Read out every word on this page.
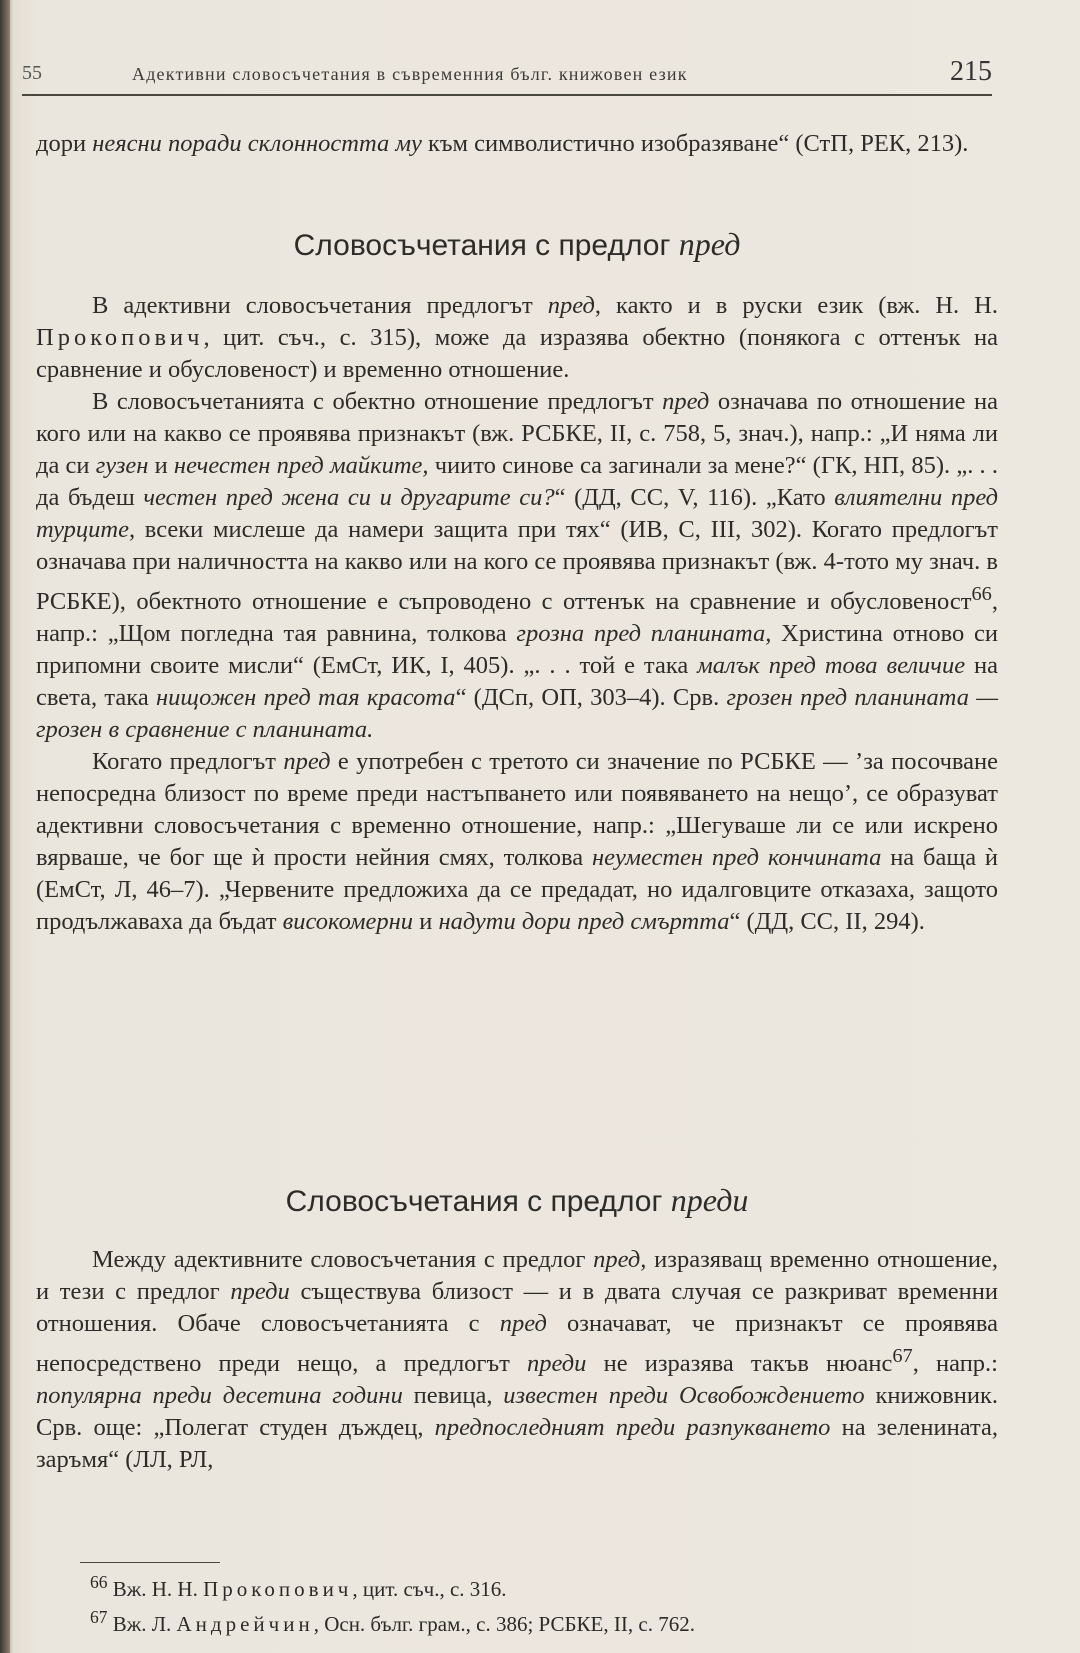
55	Адективни словосъчетания в съвременния бълг. книжовен език	215

дори неясни поради склонността му към символистично изобразяване“ (СтП, РЕК, 213).

Словосъчетания с предлог пред

В адективни словосъчетания предлогът пред, както и в руски език (вж. Н. Н. Прокопович, цит. съч., с. 315), може да изразява обектно (понякога с оттенък на сравнение и обусловеност) и временно отношение.

В словосъчетанията с обектно отношение предлогът пред означава по отношение на кого или на какво се проявява признакът (вж. РСБКЕ, II, с. 758, 5, знач.), напр.: „И няма ли да си гузен и нечестен пред майките, чиито синове са загинали за мене?“ (ГК, НП, 85). „. . . да бъдеш честен пред жена си и другарите си?“ (ДД, СС, V, 116). „Като влиятелни пред турците, всеки мислеше да намери защита при тях“ (ИВ, С, III, 302). Когато предлогът означава при наличността на какво или на кого се проявява признакът (вж. 4-тото му знач. в РСБКЕ), обектното отношение е съпроводено с оттенък на сравнение и обусловеност$^{66}$, напр.: „Щом погледна тая равнина, толкова грозна пред планината, Христина отново си припомни своите мисли“ (ЕмСт, ИК, I, 405). „. . . той е така малък пред това величие на света, така нищожен пред тая красота“ (ДСп, ОП, 303–4). Срв. грозен пред планината — грозен в сравнение с планината.

Когато предлогът пред е употребен с третото си значение по РСБКЕ — ’за посочване непосредна близост по време преди настъпването или появяването на нещо’, се образуват адективни словосъчетания с временно отношение, напр.: „Шегуваше ли се или искрено вярваше, че бог ще ѝ прости нейния смях, толкова неуместен пред кончината на баща ѝ (ЕмСт, Л, 46–7). „Червените предложиха да се предадат, но идалговците отказаха, защото продължаваха да бъдат високомерни и надути дори пред смъртта“ (ДД, СС, II, 294).

Словосъчетания с предлог преди

Между адективните словосъчетания с предлог пред, изразяващ временно отношение, и тези с предлог преди съществува близост — и в двата случая се разкриват временни отношения. Обаче словосъчетанията с пред означават, че признакът се проявява непосредствено преди нещо, а предлогът преди не изразява такъв нюанс$^{67}$, напр.: популярна преди десетина години певица, известен преди Освобождението книжовник. Срв. още: „Полегат студен дъждец, предпоследният преди разпукването на зеленината, заръмя“ (ЛЛ, РЛ,

$^{66}$ Вж. Н. Н. Прокопович, цит. съч., с. 316.
$^{67}$ Вж. Л. Андрейчин, Осн. бълг. грам., с. 386; РСБКЕ, II, с. 762.
